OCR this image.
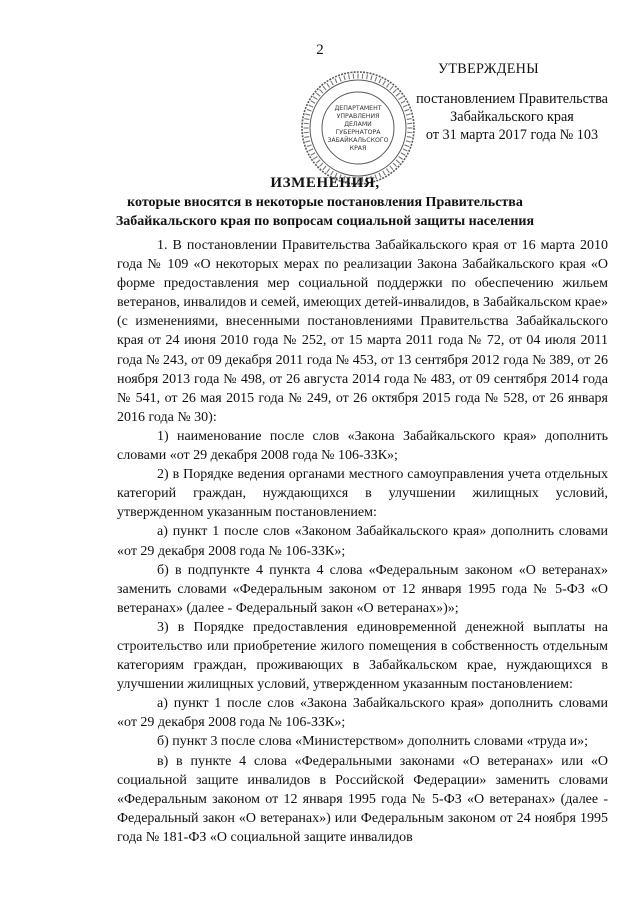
2
ДЕПАРТАМЕНТ
УПРАВЛЕНИЯ
ДЕЛАМИ
ГУБЕРНАТОРА
ЗАБАЙКАЛЬСКОГО
КРАЯ
УТВЕРЖДЕНЫ
постановлением Правительства
Забайкальского края
от 31 марта 2017 года № 103
ИЗМЕНЕНИЯ,
которые вносятся в некоторые постановления Правительства
Забайкальского края по вопросам социальной защиты населения

1. В постановлении Правительства Забайкальского края от 16 марта 2010 года № 109 «О некоторых мерах по реализации Закона Забайкальского края «О форме предоставления мер социальной поддержки по обеспечению жильем ветеранов, инвалидов и семей, имеющих детей-инвалидов, в Забайкальском крае» (с изменениями, внесенными постановлениями Правительства Забайкальского края от 24 июня 2010 года № 252, от 15 марта 2011 года № 72, от 04 июля 2011 года № 243, от 09 декабря 2011 года № 453, от 13 сентября 2012 года № 389, от 26 ноября 2013 года № 498, от 26 августа 2014 года № 483, от 09 сентября 2014 года № 541, от 26 мая 2015 года № 249, от 26 октября 2015 года № 528, от 26 января 2016 года № 30):

1) наименование после слов «Закона Забайкальского края» дополнить словами «от 29 декабря 2008 года № 106-ЗЗК»;

2) в Порядке ведения органами местного самоуправления учета отдельных категорий граждан, нуждающихся в улучшении жилищных условий, утвержденном указанным постановлением:

а) пункт 1 после слов «Законом Забайкальского края» дополнить словами «от 29 декабря 2008 года № 106-ЗЗК»;

б) в подпункте 4 пункта 4 слова «Федеральным законом «О ветеранах» заменить словами «Федеральным законом от 12 января 1995 года № 5-ФЗ «О ветеранах» (далее - Федеральный закон «О ветеранах»)»;

3) в Порядке предоставления единовременной денежной выплаты на строительство или приобретение жилого помещения в собственность отдельным категориям граждан, проживающих в Забайкальском крае, нуждающихся в улучшении жилищных условий, утвержденном указанным постановлением:

а) пункт 1 после слов «Закона Забайкальского края» дополнить словами «от 29 декабря 2008 года № 106-ЗЗК»;

б) пункт 3 после слова «Министерством» дополнить словами «труда и»;

в) в пункте 4 слова «Федеральными законами «О ветеранах» или «О социальной защите инвалидов в Российской Федерации» заменить словами «Федеральным законом от 12 января 1995 года № 5-ФЗ «О ветеранах» (далее - Федеральный закон «О ветеранах») или Федеральным законом от 24 ноября 1995 года № 181-ФЗ «О социальной защите инвалидов
